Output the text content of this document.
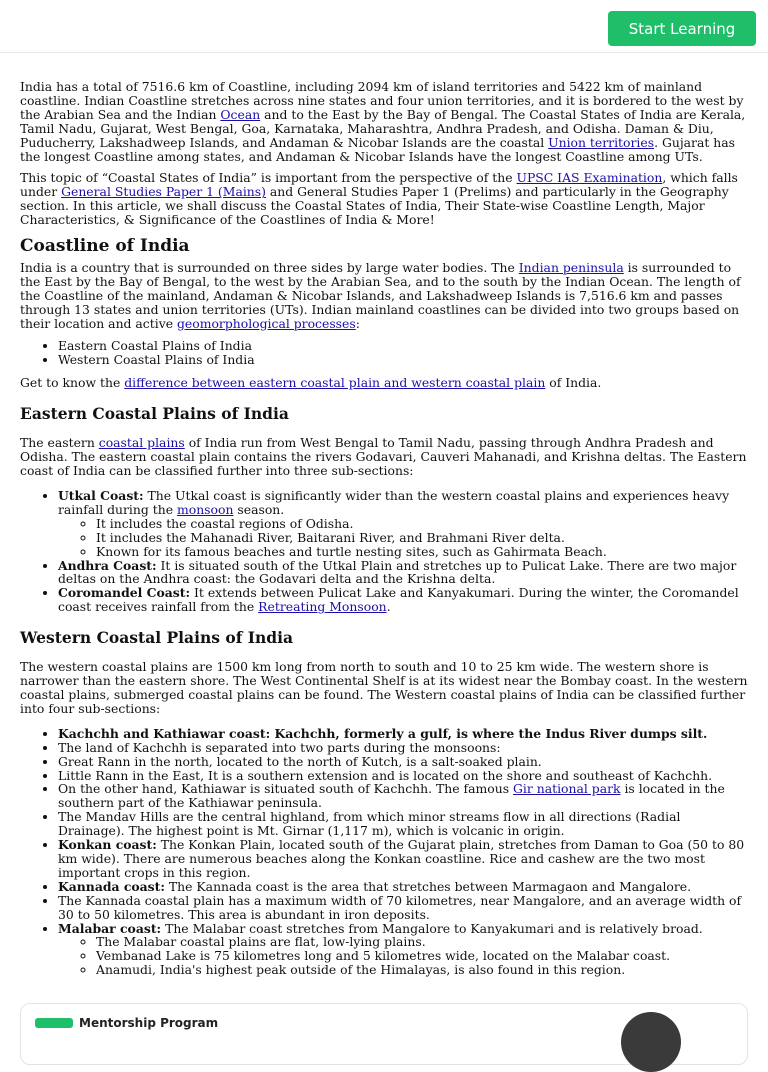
Start Learning

India has a total of 7516.6 km of Coastline, including 2094 km of island territories and 5422 km of mainland coastline. Indian Coastline stretches across nine states and four union territories, and it is bordered to the west by the Arabian Sea and the Indian Ocean and to the East by the Bay of Bengal. The Coastal States of India are Kerala, Tamil Nadu, Gujarat, West Bengal, Goa, Karnataka, Maharashtra, Andhra Pradesh, and Odisha. Daman & Diu, Puducherry, Lakshadweep Islands, and Andaman & Nicobar Islands are the coastal Union territories. Gujarat has the longest Coastline among states, and Andaman & Nicobar Islands have the longest Coastline among UTs.

This topic of “Coastal States of India” is important from the perspective of the UPSC IAS Examination, which falls under General Studies Paper 1 (Mains) and General Studies Paper 1 (Prelims) and particularly in the Geography section. In this article, we shall discuss the Coastal States of India, Their State-wise Coastline Length, Major Characteristics, & Significance of the Coastlines of India & More!

Coastline of India

India is a country that is surrounded on three sides by large water bodies. The Indian peninsula is surrounded to the East by the Bay of Bengal, to the west by the Arabian Sea, and to the south by the Indian Ocean. The length of the Coastline of the mainland, Andaman & Nicobar Islands, and Lakshadweep Islands is 7,516.6 km and passes through 13 states and union territories (UTs). Indian mainland coastlines can be divided into two groups based on their location and active geomorphological processes:

• Eastern Coastal Plains of India
• Western Coastal Plains of India

Get to know the difference between eastern coastal plain and western coastal plain of India.

Eastern Coastal Plains of India

The eastern coastal plains of India run from West Bengal to Tamil Nadu, passing through Andhra Pradesh and Odisha. The eastern coastal plain contains the rivers Godavari, Cauveri Mahanadi, and Krishna deltas. The Eastern coast of India can be classified further into three sub-sections:

• Utkal Coast: The Utkal coast is significantly wider than the western coastal plains and experiences heavy rainfall during the monsoon season.
◦ It includes the coastal regions of Odisha.
◦ It includes the Mahanadi River, Baitarani River, and Brahmani River delta.
◦ Known for its famous beaches and turtle nesting sites, such as Gahirmata Beach.
• Andhra Coast: It is situated south of the Utkal Plain and stretches up to Pulicat Lake. There are two major deltas on the Andhra coast: the Godavari delta and the Krishna delta.
• Coromandel Coast: It extends between Pulicat Lake and Kanyakumari. During the winter, the Coromandel coast receives rainfall from the Retreating Monsoon.
Western Coastal Plains of India

The western coastal plains are 1500 km long from north to south and 10 to 25 km wide. The western shore is narrower than the eastern shore. The West Continental Shelf is at its widest near the Bombay coast. In the western coastal plains, submerged coastal plains can be found. The Western coastal plains of India can be classified further into four sub-sections:

• Kachchh and Kathiawar coast: Kachchh, formerly a gulf, is where the Indus River dumps silt.
• The land of Kachchh is separated into two parts during the monsoons:
• Great Rann in the north, located to the north of Kutch, is a salt-soaked plain.
• Little Rann in the East, It is a southern extension and is located on the shore and southeast of Kachchh.
• On the other hand, Kathiawar is situated south of Kachchh. The famous Gir national park is located in the southern part of the Kathiawar peninsula.
• The Mandav Hills are the central highland, from which minor streams flow in all directions (Radial Drainage). The highest point is Mt. Girnar (1,117 m), which is volcanic in origin.
• Konkan coast: The Konkan Plain, located south of the Gujarat plain, stretches from Daman to Goa (50 to 80 km wide). There are numerous beaches along the Konkan coastline. Rice and cashew are the two most important crops in this region.
• Kannada coast: The Kannada coast is the area that stretches between Marmagaon and Mangalore.
• The Kannada coastal plain has a maximum width of 70 kilometres, near Mangalore, and an average width of 30 to 50 kilometres. This area is abundant in iron deposits.
• Malabar coast: The Malabar coast stretches from Mangalore to Kanyakumari and is relatively broad.
◦ The Malabar coastal plains are flat, low-lying plains.
◦ Vembanad Lake is 75 kilometres long and 5 kilometres wide, located on the Malabar coast.
◦ Anamudi, India's highest peak outside of the Himalayas, is also found in this region.
Mentorship Program
